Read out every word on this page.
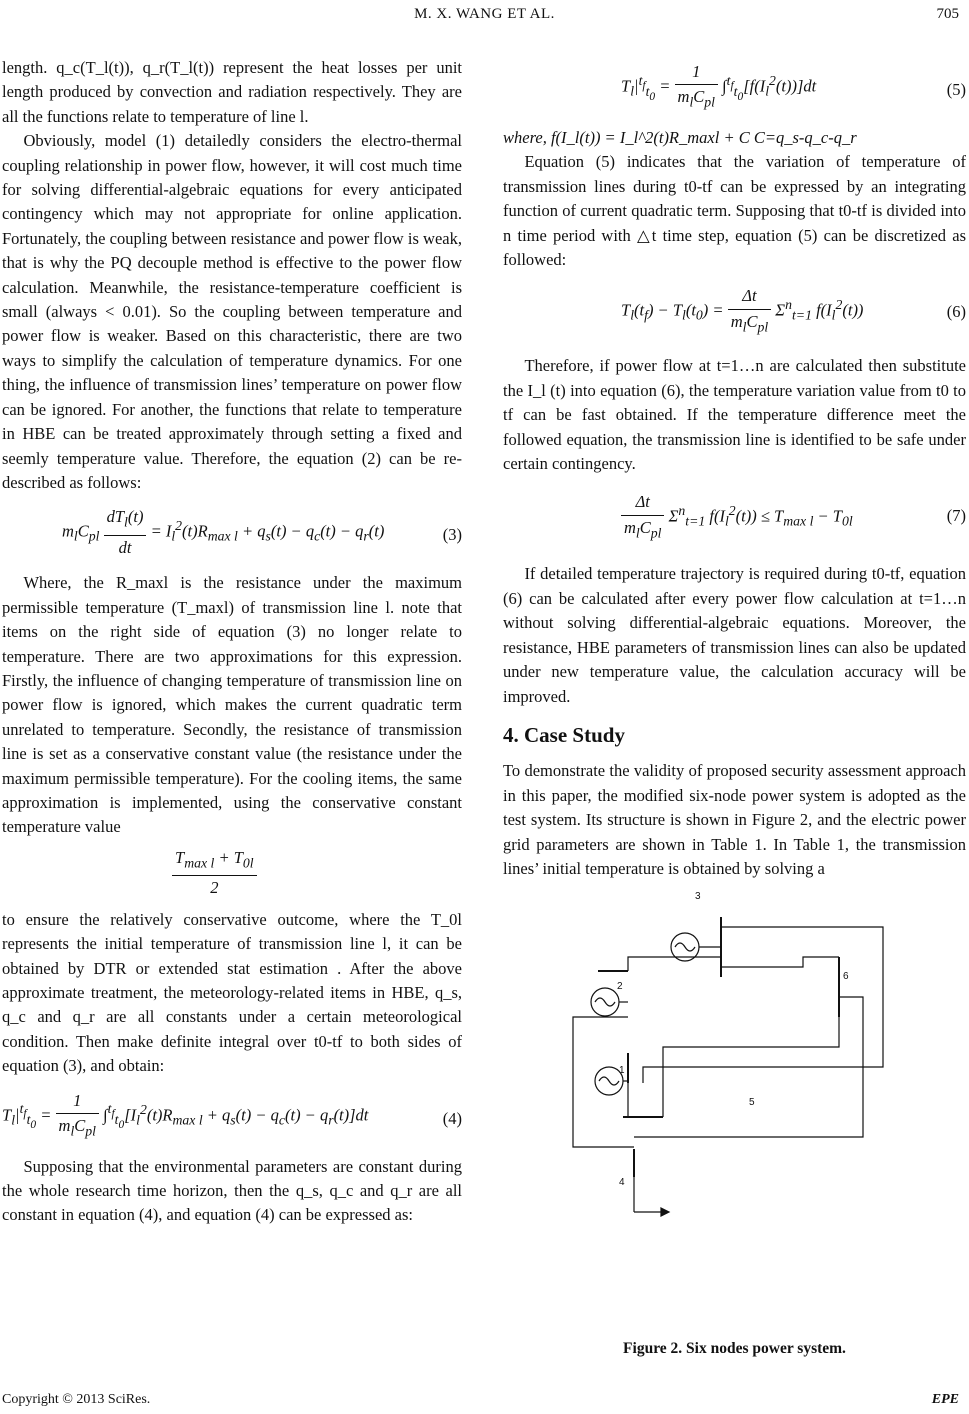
M. X. WANG ET AL.	705

length. q_c(T_l(t)), q_r(T_l(t)) represent the heat losses per unit length produced by convection and radiation respectively. They are all the functions relate to temperature of line l.

Obviously, model (1) detailedly considers the electro-thermal coupling relationship in power flow, however, it will cost much time for solving differential-algebraic equations for every anticipated contingency which may not appropriate for online application. Fortunately, the coupling between resistance and power flow is weak, that is why the PQ decouple method is effective to the power flow calculation. Meanwhile, the resistance-temperature coefficient is small (always < 0.01). So the coupling between temperature and power flow is weaker. Based on this characteristic, there are two ways to simplify the calculation of temperature dynamics. For one thing, the influence of transmission lines’ temperature on power flow can be ignored. For another, the functions that relate to temperature in HBE can be treated approximately through setting a fixed and seemly temperature value. Therefore, the equation (2) can be re-described as follows:

$m_lC_{pl} \frac{dT_l(t)}{dt} = I_l^2(t)R_{max l} + q_s(t) - q_c(t) - q_r(t)$	(3)

Where, the R_maxl is the resistance under the maximum permissible temperature (T_maxl) of transmission line l. note that items on the right side of equation (3) no longer relate to temperature. There are two approximations for this expression. Firstly, the influence of changing temperature of transmission line on power flow is ignored, which makes the current quadratic term unrelated to temperature. Secondly, the resistance of transmission line is set as a conservative constant value (the resistance under the maximum permissible temperature). For the cooling items, the same approximation is implemented, using the conservative constant temperature value

$\frac{T_{max l} + T_{0l}}{2}$

to ensure the relatively conservative outcome, where the T_0l represents the initial temperature of transmission line l, it can be obtained by DTR or extended stat estimation . After the above approximate treatment, the meteorology-related items in HBE, q_s, q_c and q_r are all constants under a certain meteorological condition. Then make definite integral over t0-tf to both sides of equation (3), and obtain:

$T_l|^{t_f}_{t_0} = \frac{1}{m_lC_{pl}} \int^{t_f}_{t_0}[I_l^2(t)R_{max l} + q_s(t) - q_c(t) - q_r(t)]dt$	(4)

Supposing that the environmental parameters are constant during the whole research time horizon, then the q_s, q_c and q_r are all constant in equation (4), and equation (4) can be expressed as:

$T_l|^{t_f}_{t_0} = \frac{1}{m_lC_{pl}} \int^{t_f}_{t_0}[f(I_l^2(t))]dt$	(5)

where, f(I_l(t)) = I_l^2(t)R_maxl + C C=q_s-q_c-q_r

Equation (5) indicates that the variation of temperature of transmission lines during t0-tf can be expressed by an integrating function of current quadratic term. Supposing that t0-tf is divided into n time period with △t time step, equation (5) can be discretized as followed:

$T_l(t_f) - T_l(t_0) = \frac{\Delta t}{m_lC_{pl}} \Sigma^n_{t=1}$ $f(I_l^2(t))$	(6)

Therefore, if power flow at t=1…n are calculated then substitute the I_l (t) into equation (6), the temperature variation value from t0 to tf can be fast obtained. If the temperature difference meet the followed equation, the transmission line is identified to be safe under certain contingency.

$\frac{\Delta t}{m_lC_{pl}} \Sigma^n_{t=1}$ $f(I_l^2(t)) \le T_{max l} - T_{0l}$	(7)

If detailed temperature trajectory is required during t0-tf, equation (6) can be calculated after every power flow calculation at t=1…n without solving differential-algebraic equations. Moreover, the resistance, HBE parameters of transmission lines can also be updated under new temperature value, the calculation accuracy will be improved.

4. Case Study

To demonstrate the validity of proposed security assessment approach in this paper, the modified six-node power system is adopted as the test system. Its structure is shown in Figure 2, and the electric power grid parameters are shown in Table 1. In Table 1, the transmission lines’ initial temperature is obtained by solving a

3
2
6
1
5
4
Figure 2. Six nodes power system.
Copyright © 2013 SciRes.	EPE
